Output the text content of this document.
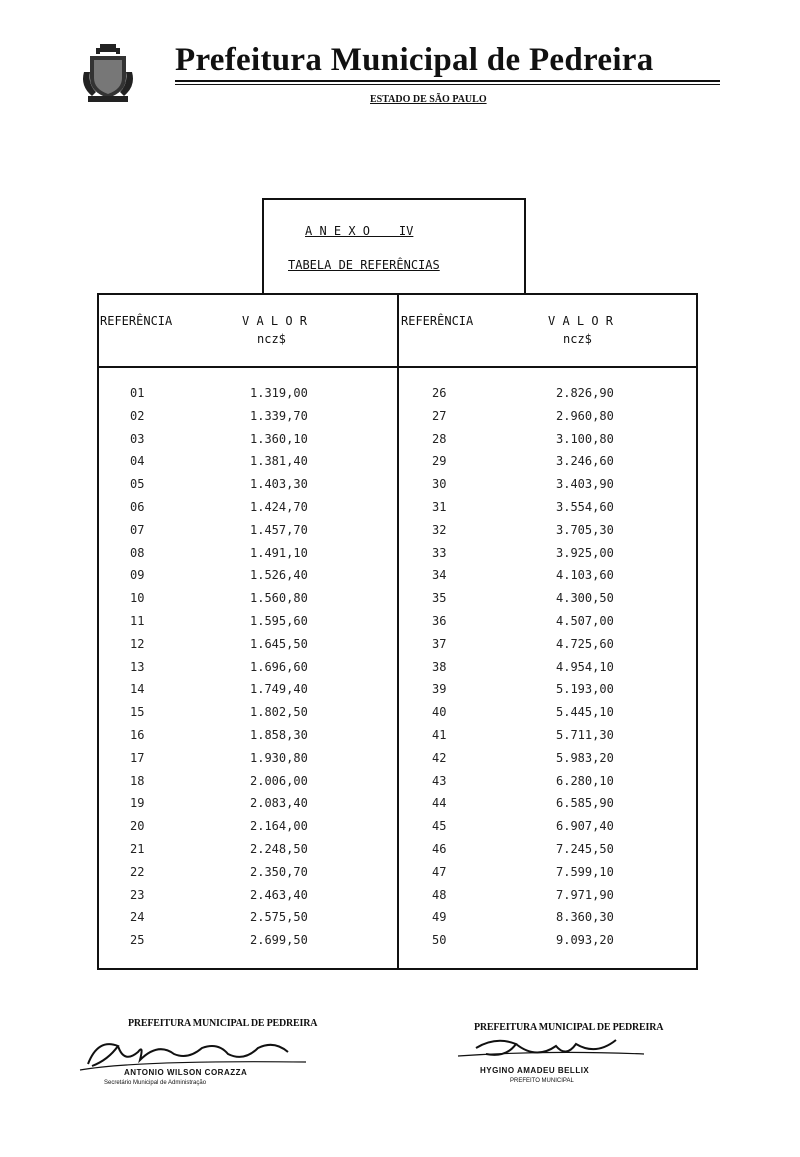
Prefeitura Municipal de Pedreira
ESTADO DE SÃO PAULO
A N E X O    IV
TABELA DE REFERÊNCIAS
REFERÊNCIA	V A L O R
ncz$
REFERÊNCIA	V A L O R
ncz$
01	1.319,00
02	1.339,70
03	1.360,10
04	1.381,40
05	1.403,30
06	1.424,70
07	1.457,70
08	1.491,10
09	1.526,40
10	1.560,80
11	1.595,60
12	1.645,50
13	1.696,60
14	1.749,40
15	1.802,50
16	1.858,30
17	1.930,80
18	2.006,00
19	2.083,40
20	2.164,00
21	2.248,50
22	2.350,70
23	2.463,40
24	2.575,50
25	2.699,50
26	2.826,90
27	2.960,80
28	3.100,80
29	3.246,60
30	3.403,90
31	3.554,60
32	3.705,30
33	3.925,00
34	4.103,60
35	4.300,50
36	4.507,00
37	4.725,60
38	4.954,10
39	5.193,00
40	5.445,10
41	5.711,30
42	5.983,20
43	6.280,10
44	6.585,90
45	6.907,40
46	7.245,50
47	7.599,10
48	7.971,90
49	8.360,30
50	9.093,20
PREFEITURA MUNICIPAL DE PEDREIRA
ANTONIO WILSON CORAZZA
Secretário Municipal de Administração
PREFEITURA MUNICIPAL DE PEDREIRA
HYGINO AMADEU BELLIX
PREFEITO MUNICIPAL
